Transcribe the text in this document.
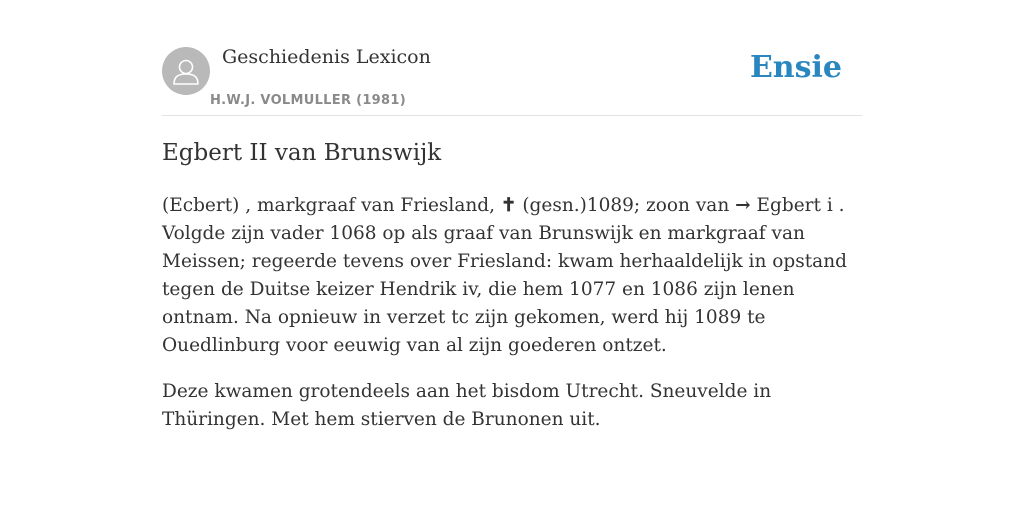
Geschiedenis Lexicon
H.W.J. VOLMULLER (1981)
Ensie
Egbert II van Brunswijk

(Ecbert) , markgraaf van Friesland, ✝ (gesn.)1089; zoon van → Egbert i . Volgde zijn vader 1068 op als graaf van Brunswijk en markgraaf van Meissen; regeerde tevens over Friesland: kwam herhaaldelijk in opstand tegen de Duitse keizer Hendrik iv, die hem 1077 en 1086 zijn lenen ontnam. Na opnieuw in verzet tc zijn gekomen, werd hij 1089 te Ouedlinburg voor eeuwig van al zijn goederen ontzet.

Deze kwamen grotendeels aan het bisdom Utrecht. Sneuvelde in Thüringen. Met hem stierven de Brunonen uit.
